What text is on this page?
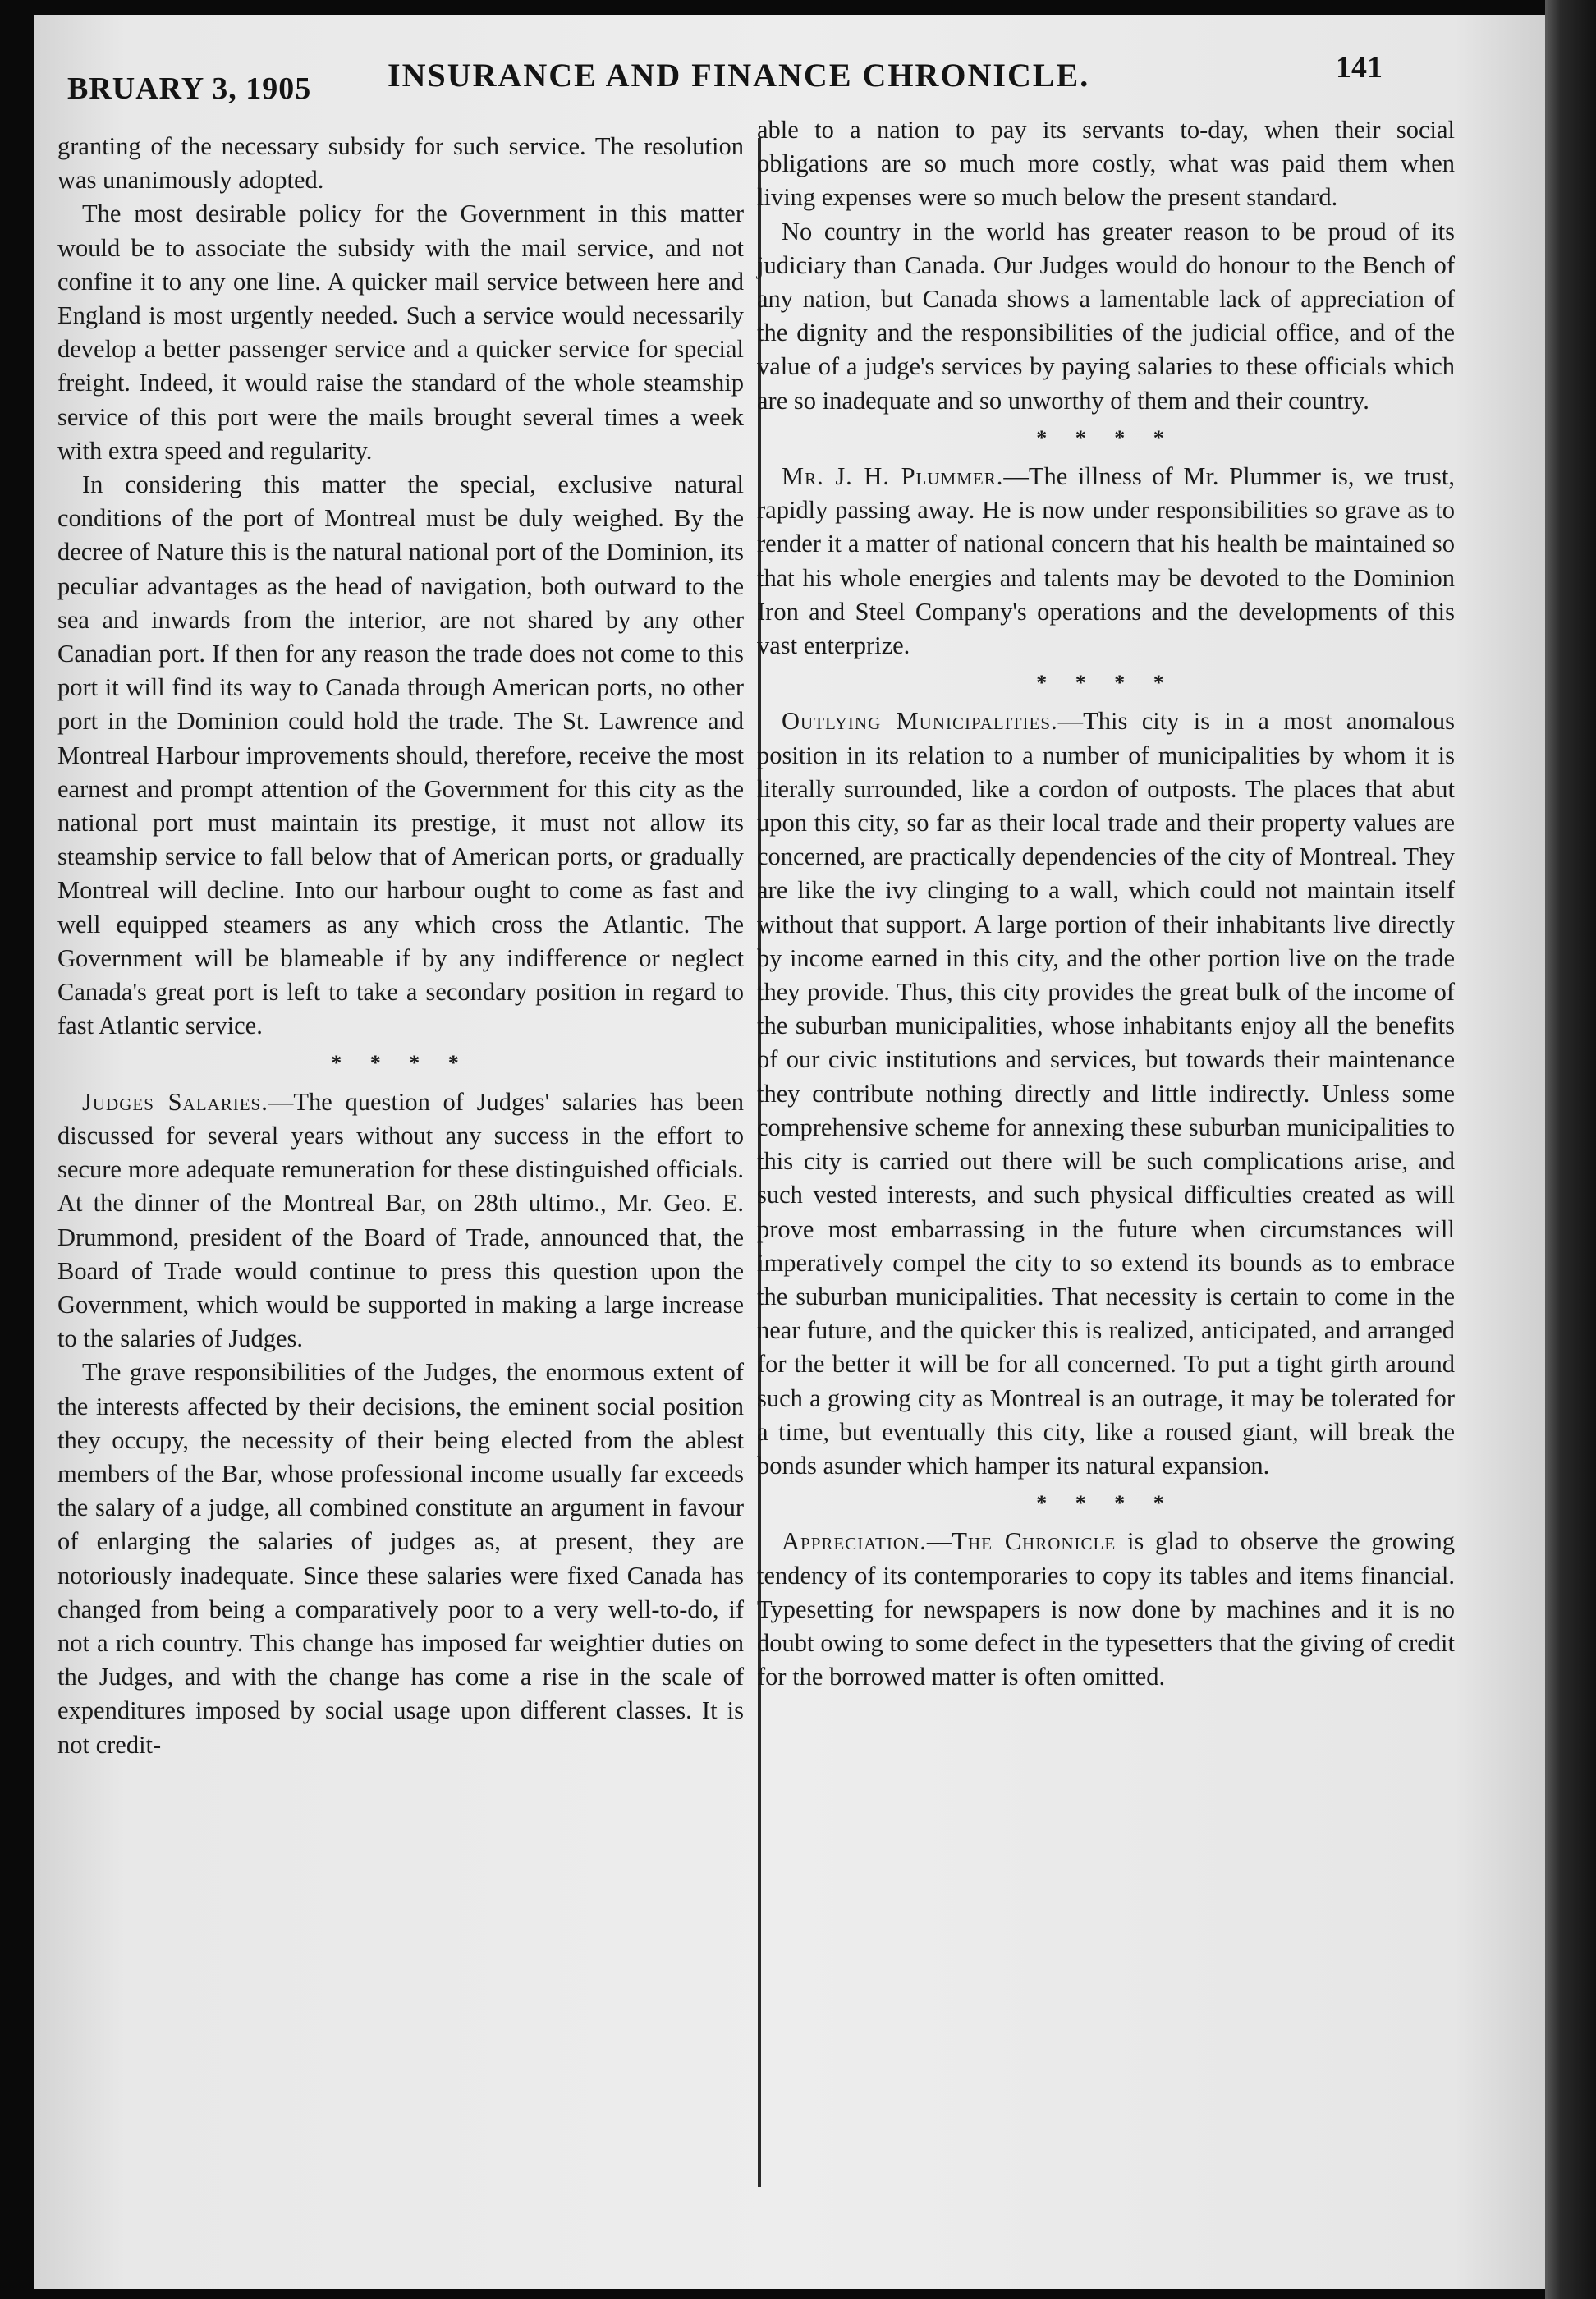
BRUARY 3, 1905 INSURANCE AND FINANCE CHRONICLE.	141

granting of the necessary subsidy for such service. The resolution was unanimously adopted.

The most desirable policy for the Government in this matter would be to associate the subsidy with the mail service, and not confine it to any one line. A quicker mail service between here and England is most urgently needed. Such a service would necessarily develop a better passenger service and a quicker service for special freight. Indeed, it would raise the standard of the whole steamship service of this port were the mails brought several times a week with extra speed and regularity.

In considering this matter the special, exclusive natural conditions of the port of Montreal must be duly weighed. By the decree of Nature this is the natural national port of the Dominion, its peculiar advantages as the head of navigation, both outward to the sea and inwards from the interior, are not shared by any other Canadian port. If then for any reason the trade does not come to this port it will find its way to Canada through American ports, no other port in the Dominion could hold the trade. The St. Lawrence and Montreal Harbour improvements should, therefore, receive the most earnest and prompt attention of the Government for this city as the national port must maintain its prestige, it must not allow its steamship service to fall below that of American ports, or gradually Montreal will decline. Into our harbour ought to come as fast and well equipped steamers as any which cross the Atlantic. The Government will be blameable if by any indifference or neglect Canada's great port is left to take a secondary position in regard to fast Atlantic service.

* * * *

Judges Salaries.—The question of Judges' salaries has been discussed for several years without any success in the effort to secure more adequate remuneration for these distinguished officials. At the dinner of the Montreal Bar, on 28th ultimo., Mr. Geo. E. Drummond, president of the Board of Trade, announced that, the Board of Trade would continue to press this question upon the Government, which would be supported in making a large increase to the salaries of Judges.

The grave responsibilities of the Judges, the enormous extent of the interests affected by their decisions, the eminent social position they occupy, the necessity of their being elected from the ablest members of the Bar, whose professional income usually far exceeds the salary of a judge, all combined constitute an argument in favour of enlarging the salaries of judges as, at present, they are notoriously inadequate. Since these salaries were fixed Canada has changed from being a comparatively poor to a very well-to-do, if not a rich country. This change has imposed far weightier duties on the Judges, and with the change has come a rise in the scale of expenditures imposed by social usage upon different classes. It is not credit-

able to a nation to pay its servants to-day, when their social obligations are so much more costly, what was paid them when living expenses were so much below the present standard.

No country in the world has greater reason to be proud of its judiciary than Canada. Our Judges would do honour to the Bench of any nation, but Canada shows a lamentable lack of appreciation of the dignity and the responsibilities of the judicial office, and of the value of a judge's services by paying salaries to these officials which are so inadequate and so unworthy of them and their country.

* * * *

Mr. J. H. Plummer.—The illness of Mr. Plummer is, we trust, rapidly passing away. He is now under responsibilities so grave as to render it a matter of national concern that his health be maintained so that his whole energies and talents may be devoted to the Dominion Iron and Steel Company's operations and the developments of this vast enterprize.

* * * *

Outlying Municipalities.—This city is in a most anomalous position in its relation to a number of municipalities by whom it is literally surrounded, like a cordon of outposts. The places that abut upon this city, so far as their local trade and their property values are concerned, are practically dependencies of the city of Montreal. They are like the ivy clinging to a wall, which could not maintain itself without that support. A large portion of their inhabitants live directly by income earned in this city, and the other portion live on the trade they provide. Thus, this city provides the great bulk of the income of the suburban municipalities, whose inhabitants enjoy all the benefits of our civic institutions and services, but towards their maintenance they contribute nothing directly and little indirectly. Unless some comprehensive scheme for annexing these suburban municipalities to this city is carried out there will be such complications arise, and such vested interests, and such physical difficulties created as will prove most embarrassing in the future when circumstances will imperatively compel the city to so extend its bounds as to embrace the suburban municipalities. That necessity is certain to come in the near future, and the quicker this is realized, anticipated, and arranged for the better it will be for all concerned. To put a tight girth around such a growing city as Montreal is an outrage, it may be tolerated for a time, but eventually this city, like a roused giant, will break the bonds asunder which hamper its natural expansion.

* * * *

Appreciation.—The Chronicle is glad to observe the growing tendency of its contemporaries to copy its tables and items financial. Typesetting for newspapers is now done by machines and it is no doubt owing to some defect in the typesetters that the giving of credit for the borrowed matter is often omitted.
